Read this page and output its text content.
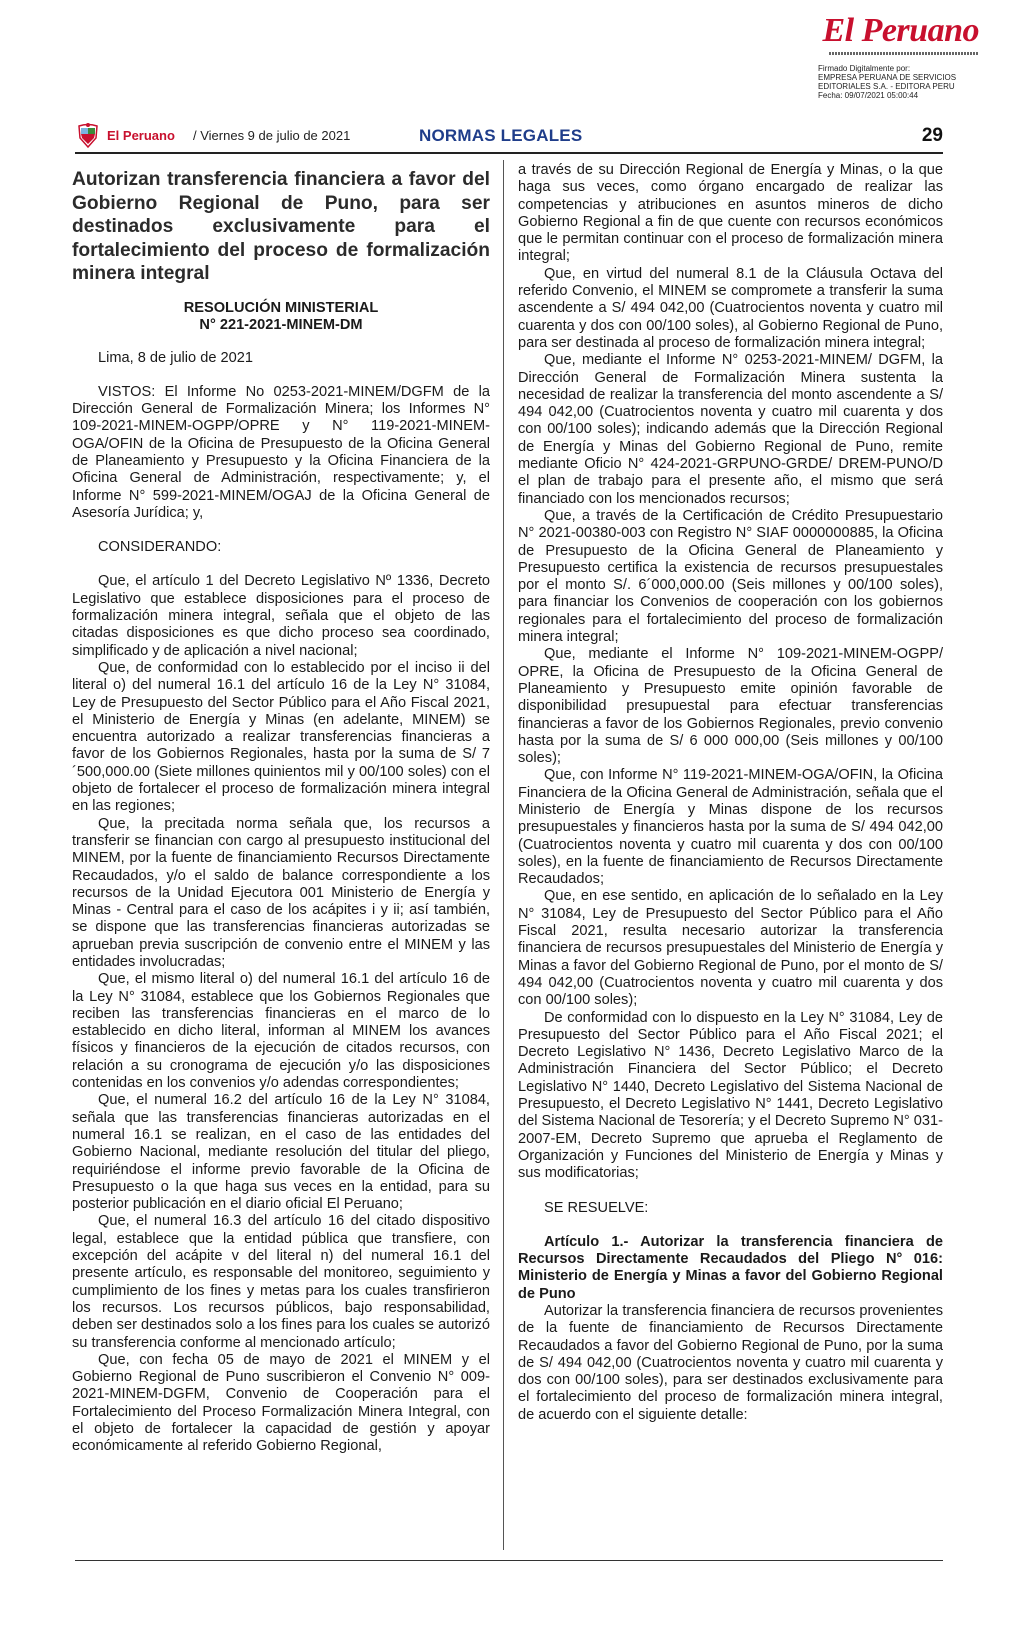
El Peruano
Firmado Digitalmente por:
EMPRESA PERUANA DE SERVICIOS
EDITORIALES S.A. - EDITORA PERU
Fecha: 09/07/2021 05:00:44
El Peruano / Viernes 9 de julio de 2021	NORMAS LEGALES	29
Autorizan transferencia financiera a favor del Gobierno Regional de Puno, para ser destinados exclusivamente para el fortalecimiento del proceso de formalización minera integral
RESOLUCIÓN MINISTERIAL
N° 221-2021-MINEM-DM

Lima, 8 de julio de 2021

VISTOS: El Informe No 0253-2021-MINEM/DGFM de la Dirección General de Formalización Minera; los Informes N° 109-2021-MINEM-OGPP/OPRE y N° 119-2021-MINEM-OGA/OFIN de la Oficina de Presupuesto de la Oficina General de Planeamiento y Presupuesto y la Oficina Financiera de la Oficina General de Administración, respectivamente; y, el Informe N° 599-2021-MINEM/OGAJ de la Oficina General de Asesoría Jurídica; y,

CONSIDERANDO:

Que, el artículo 1 del Decreto Legislativo Nº 1336, Decreto Legislativo que establece disposiciones para el proceso de formalización minera integral, señala que el objeto de las citadas disposiciones es que dicho proceso sea coordinado, simplificado y de aplicación a nivel nacional;

Que, de conformidad con lo establecido por el inciso ii del literal o) del numeral 16.1 del artículo 16 de la Ley N° 31084, Ley de Presupuesto del Sector Público para el Año Fiscal 2021, el Ministerio de Energía y Minas (en adelante, MINEM) se encuentra autorizado a realizar transferencias financieras a favor de los Gobiernos Regionales, hasta por la suma de S/ 7´500,000.00 (Siete millones quinientos mil y 00/100 soles) con el objeto de fortalecer el proceso de formalización minera integral en las regiones;

Que, la precitada norma señala que, los recursos a transferir se financian con cargo al presupuesto institucional del MINEM, por la fuente de financiamiento Recursos Directamente Recaudados, y/o el saldo de balance correspondiente a los recursos de la Unidad Ejecutora 001 Ministerio de Energía y Minas - Central para el caso de los acápites i y ii; así también, se dispone que las transferencias financieras autorizadas se aprueban previa suscripción de convenio entre el MINEM y las entidades involucradas;

Que, el mismo literal o) del numeral 16.1 del artículo 16 de la Ley N° 31084, establece que los Gobiernos Regionales que reciben las transferencias financieras en el marco de lo establecido en dicho literal, informan al MINEM los avances físicos y financieros de la ejecución de citados recursos, con relación a su cronograma de ejecución y/o las disposiciones contenidas en los convenios y/o adendas correspondientes;

Que, el numeral 16.2 del artículo 16 de la Ley N° 31084, señala que las transferencias financieras autorizadas en el numeral 16.1 se realizan, en el caso de las entidades del Gobierno Nacional, mediante resolución del titular del pliego, requiriéndose el informe previo favorable de la Oficina de Presupuesto o la que haga sus veces en la entidad, para su posterior publicación en el diario oficial El Peruano;

Que, el numeral 16.3 del artículo 16 del citado dispositivo legal, establece que la entidad pública que transfiere, con excepción del acápite v del literal n) del numeral 16.1 del presente artículo, es responsable del monitoreo, seguimiento y cumplimiento de los fines y metas para los cuales transfirieron los recursos. Los recursos públicos, bajo responsabilidad, deben ser destinados solo a los fines para los cuales se autorizó su transferencia conforme al mencionado artículo;

Que, con fecha 05 de mayo de 2021 el MINEM y el Gobierno Regional de Puno suscribieron el Convenio N° 009-2021-MINEM-DGFM, Convenio de Cooperación para el Fortalecimiento del Proceso Formalización Minera Integral, con el objeto de fortalecer la capacidad de gestión y apoyar económicamente al referido Gobierno Regional,

a través de su Dirección Regional de Energía y Minas, o la que haga sus veces, como órgano encargado de realizar las competencias y atribuciones en asuntos mineros de dicho Gobierno Regional a fin de que cuente con recursos económicos que le permitan continuar con el proceso de formalización minera integral;

Que, en virtud del numeral 8.1 de la Cláusula Octava del referido Convenio, el MINEM se compromete a transferir la suma ascendente a S/ 494 042,00 (Cuatrocientos noventa y cuatro mil cuarenta y dos con 00/100 soles), al Gobierno Regional de Puno, para ser destinada al proceso de formalización minera integral;

Que, mediante el Informe N° 0253-2021-MINEM/ DGFM, la Dirección General de Formalización Minera sustenta la necesidad de realizar la transferencia del monto ascendente a S/ 494 042,00 (Cuatrocientos noventa y cuatro mil cuarenta y dos con 00/100 soles); indicando además que la Dirección Regional de Energía y Minas del Gobierno Regional de Puno, remite mediante Oficio N° 424-2021-GRPUNO-GRDE/ DREM-PUNO/D el plan de trabajo para el presente año, el mismo que será financiado con los mencionados recursos;

Que, a través de la Certificación de Crédito Presupuestario N° 2021-00380-003 con Registro N° SIAF 0000000885, la Oficina de Presupuesto de la Oficina General de Planeamiento y Presupuesto certifica la existencia de recursos presupuestales por el monto S/. 6´000,000.00 (Seis millones y 00/100 soles), para financiar los Convenios de cooperación con los gobiernos regionales para el fortalecimiento del proceso de formalización minera integral;

Que, mediante el Informe N° 109-2021-MINEM-OGPP/ OPRE, la Oficina de Presupuesto de la Oficina General de Planeamiento y Presupuesto emite opinión favorable de disponibilidad presupuestal para efectuar transferencias financieras a favor de los Gobiernos Regionales, previo convenio hasta por la suma de S/ 6 000 000,00 (Seis millones y 00/100 soles);

Que, con Informe N° 119-2021-MINEM-OGA/OFIN, la Oficina Financiera de la Oficina General de Administración, señala que el Ministerio de Energía y Minas dispone de los recursos presupuestales y financieros hasta por la suma de S/ 494 042,00 (Cuatrocientos noventa y cuatro mil cuarenta y dos con 00/100 soles), en la fuente de financiamiento de Recursos Directamente Recaudados;

Que, en ese sentido, en aplicación de lo señalado en la Ley N° 31084, Ley de Presupuesto del Sector Público para el Año Fiscal 2021, resulta necesario autorizar la transferencia financiera de recursos presupuestales del Ministerio de Energía y Minas a favor del Gobierno Regional de Puno, por el monto de S/ 494 042,00 (Cuatrocientos noventa y cuatro mil cuarenta y dos con 00/100 soles);

De conformidad con lo dispuesto en la Ley N° 31084, Ley de Presupuesto del Sector Público para el Año Fiscal 2021; el Decreto Legislativo N° 1436, Decreto Legislativo Marco de la Administración Financiera del Sector Público; el Decreto Legislativo N° 1440, Decreto Legislativo del Sistema Nacional de Presupuesto, el Decreto Legislativo N° 1441, Decreto Legislativo del Sistema Nacional de Tesorería; y el Decreto Supremo N° 031-2007-EM, Decreto Supremo que aprueba el Reglamento de Organización y Funciones del Ministerio de Energía y Minas y sus modificatorias;

SE RESUELVE:

Artículo 1.- Autorizar la transferencia financiera de Recursos Directamente Recaudados del Pliego N° 016: Ministerio de Energía y Minas a favor del Gobierno Regional de Puno

Autorizar la transferencia financiera de recursos provenientes de la fuente de financiamiento de Recursos Directamente Recaudados a favor del Gobierno Regional de Puno, por la suma de S/ 494 042,00 (Cuatrocientos noventa y cuatro mil cuarenta y dos con 00/100 soles), para ser destinados exclusivamente para el fortalecimiento del proceso de formalización minera integral, de acuerdo con el siguiente detalle:
